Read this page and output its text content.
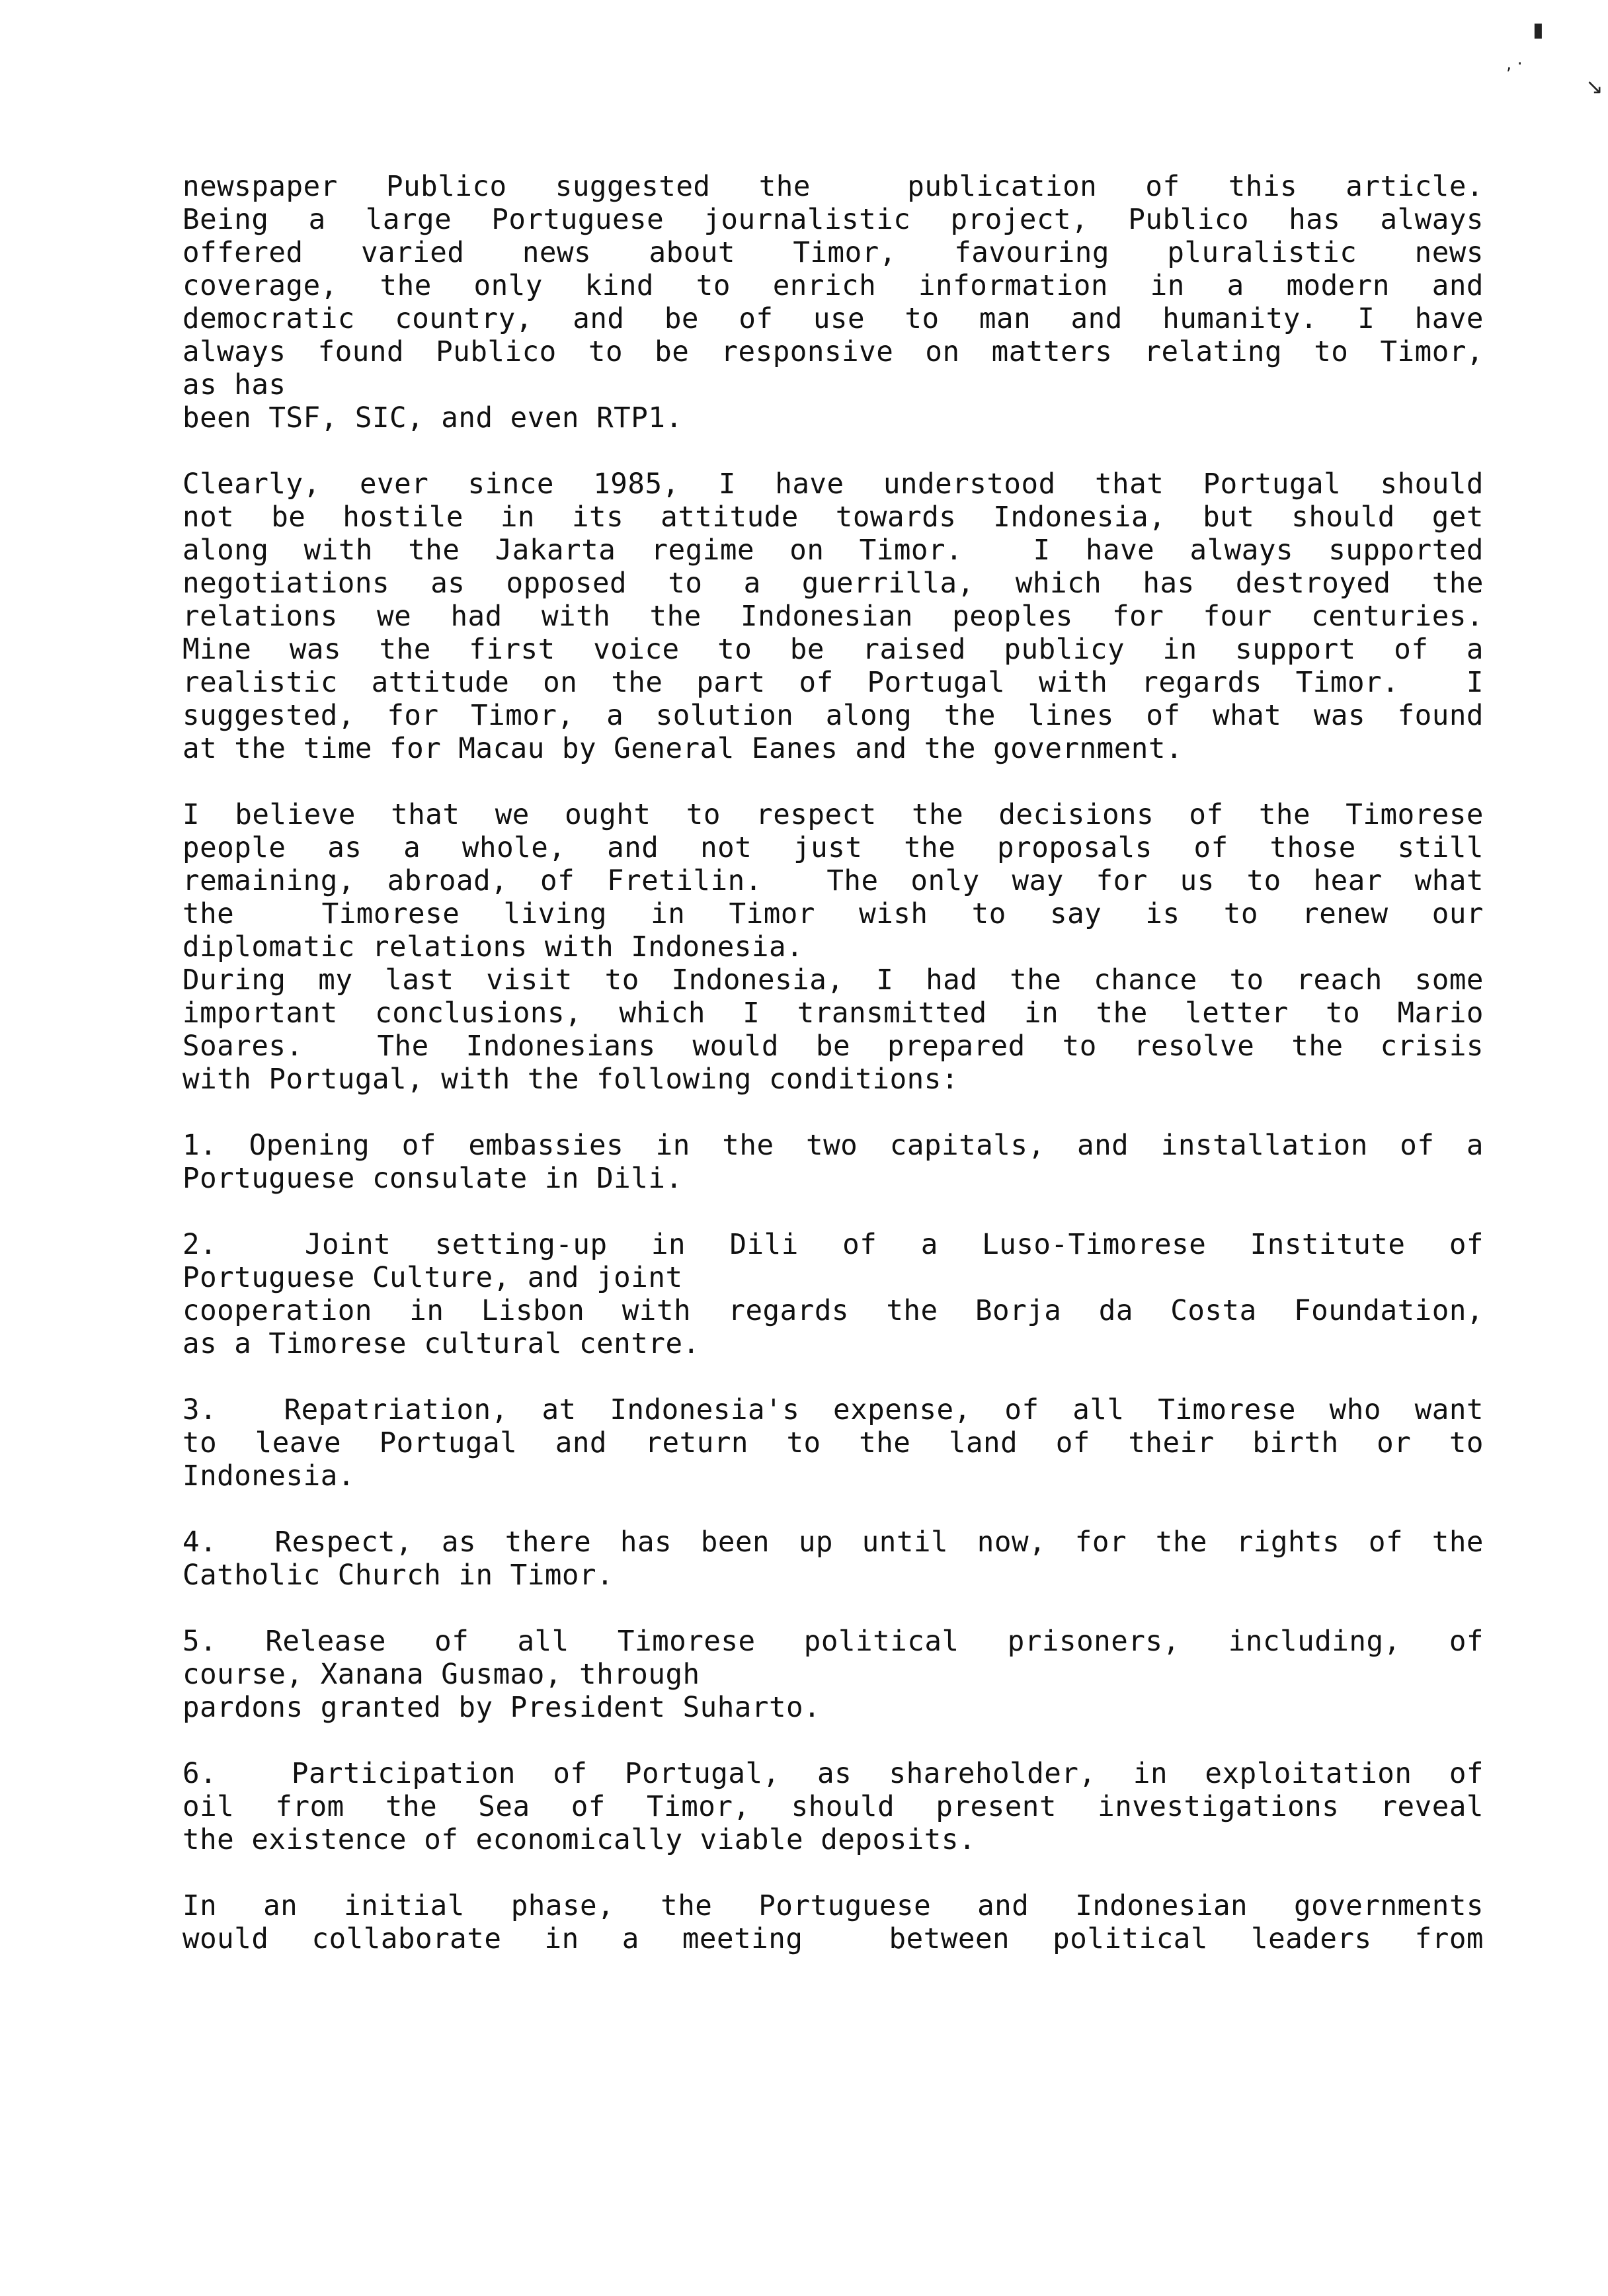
▮
, ·
↘
newspaper Publico suggested the  publication of this article.
Being a large Portuguese journalistic project, Publico has always
offered varied news about Timor, favouring pluralistic news
coverage, the only kind to enrich information in a modern and
democratic country, and be of use to man and humanity. I have
always found Publico to be responsive on matters relating to Timor,
as has
been TSF, SIC, and even RTP1.
Clearly, ever since 1985, I have understood that Portugal should
not be hostile in its attitude towards Indonesia, but should get
along with the Jakarta regime on Timor.  I have always supported
negotiations as opposed to a guerrilla, which has destroyed the
relations we had with the Indonesian peoples for four centuries.
Mine was the first voice to be raised publicy in support of a
realistic attitude on the part of Portugal with regards Timor.  I
suggested, for Timor, a solution along the lines of what was found
at the time for Macau by General Eanes and the government.
I believe that we ought to respect the decisions of the Timorese
people as a whole, and not just the proposals of those still
remaining, abroad, of Fretilin.  The only way for us to hear what
the  Timorese living in Timor wish to say is to renew our
diplomatic relations with Indonesia.
During my last visit to Indonesia, I had the chance to reach some
important conclusions, which I transmitted in the letter to Mario
Soares.  The Indonesians would be prepared to resolve the crisis
with Portugal, with the following conditions:
1. Opening of embassies in the two capitals, and installation of a
Portuguese consulate in Dili.
2.  Joint setting-up in Dili of a Luso-Timorese Institute of
Portuguese Culture, and joint
cooperation in Lisbon with regards the Borja da Costa Foundation,
as a Timorese cultural centre.
3.  Repatriation, at Indonesia's expense, of all Timorese who want
to leave Portugal and return to the land of their birth or to
Indonesia.
4.  Respect, as there has been up until now, for the rights of the
Catholic Church in Timor.
5. Release of all Timorese political prisoners, including, of
course, Xanana Gusmao, through
pardons granted by President Suharto.
6.  Participation of Portugal, as shareholder, in exploitation of
oil from the Sea of Timor, should present investigations reveal
the existence of economically viable deposits.
In an initial phase, the Portuguese and Indonesian governments
would collaborate in a meeting  between political leaders from
